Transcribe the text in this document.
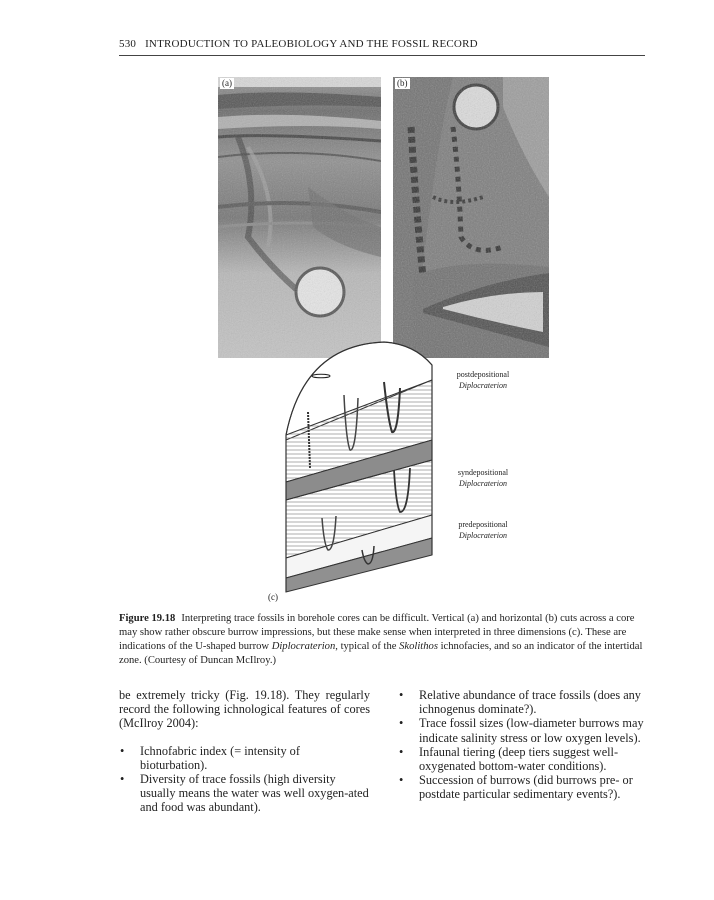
530 INTRODUCTION TO PALEOBIOLOGY AND THE FOSSIL RECORD
(a)	(b)
postdepositional
Diplocraterion
syndepositional
Diplocraterion
predepositional
Diplocraterion
(c)
Figure 19.18 Interpreting trace fossils in borehole cores can be difficult. Vertical (a) and horizontal (b) cuts across a core may show rather obscure burrow impressions, but these make sense when interpreted in three dimensions (c). These are indications of the U-shaped burrow Diplocraterion, typical of the Skolithos ichnofacies, and so an indicator of the intertidal zone. (Courtesy of Duncan McIlroy.)

be extremely tricky (Fig. 19.18). They regularly record the following ichnological features of cores (McIlroy 2004):

• Ichnofabric index (= intensity of bioturbation).
• Diversity of trace fossils (high diversity usually means the water was well oxygen-ated and food was abundant).
• Relative abundance of trace fossils (does any ichnogenus dominate?).
• Trace fossil sizes (low-diameter burrows may indicate salinity stress or low oxygen levels).
• Infaunal tiering (deep tiers suggest well-oxygenated bottom-water conditions).
• Succession of burrows (did burrows pre- or postdate particular sedimentary events?).
